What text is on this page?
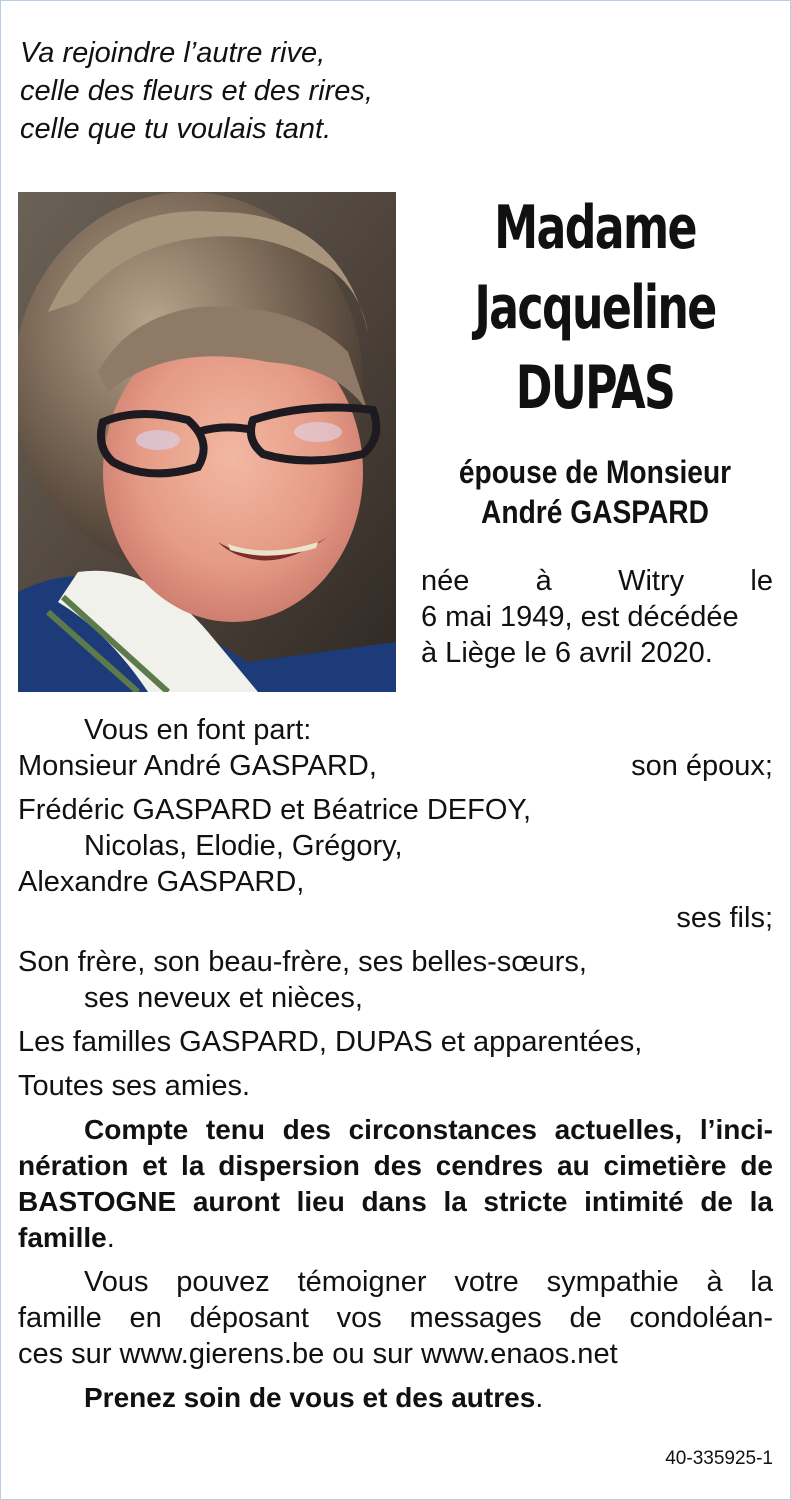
Va rejoindre l’autre rive,
celle des fleurs et des rires,
celle que tu voulais tant.
Madame
Jacqueline
DUPAS
épouse de Monsieur
André GASPARD
née à Witry le
6 mai 1949, est décédée
à Liège le 6 avril 2020.
Vous en font part:
Monsieur André GASPARD,	son époux;
Frédéric GASPARD et Béatrice DEFOY,
Nicolas, Elodie, Grégory,
Alexandre GASPARD,
ses fils;
Son frère, son beau-frère, ses belles-sœurs,
ses neveux et nièces,
Les familles GASPARD, DUPAS et apparentées,
Toutes ses amies.
Compte tenu des circonstances actuelles, l’inci-
nération et la dispersion des cendres au cimetière de
BASTOGNE auront lieu dans la stricte intimité de la
famille.
Vous pouvez témoigner votre sympathie à la
famille en déposant vos messages de condoléan-
ces sur www.gierens.be ou sur www.enaos.net
Prenez soin de vous et des autres.
40-335925-1
